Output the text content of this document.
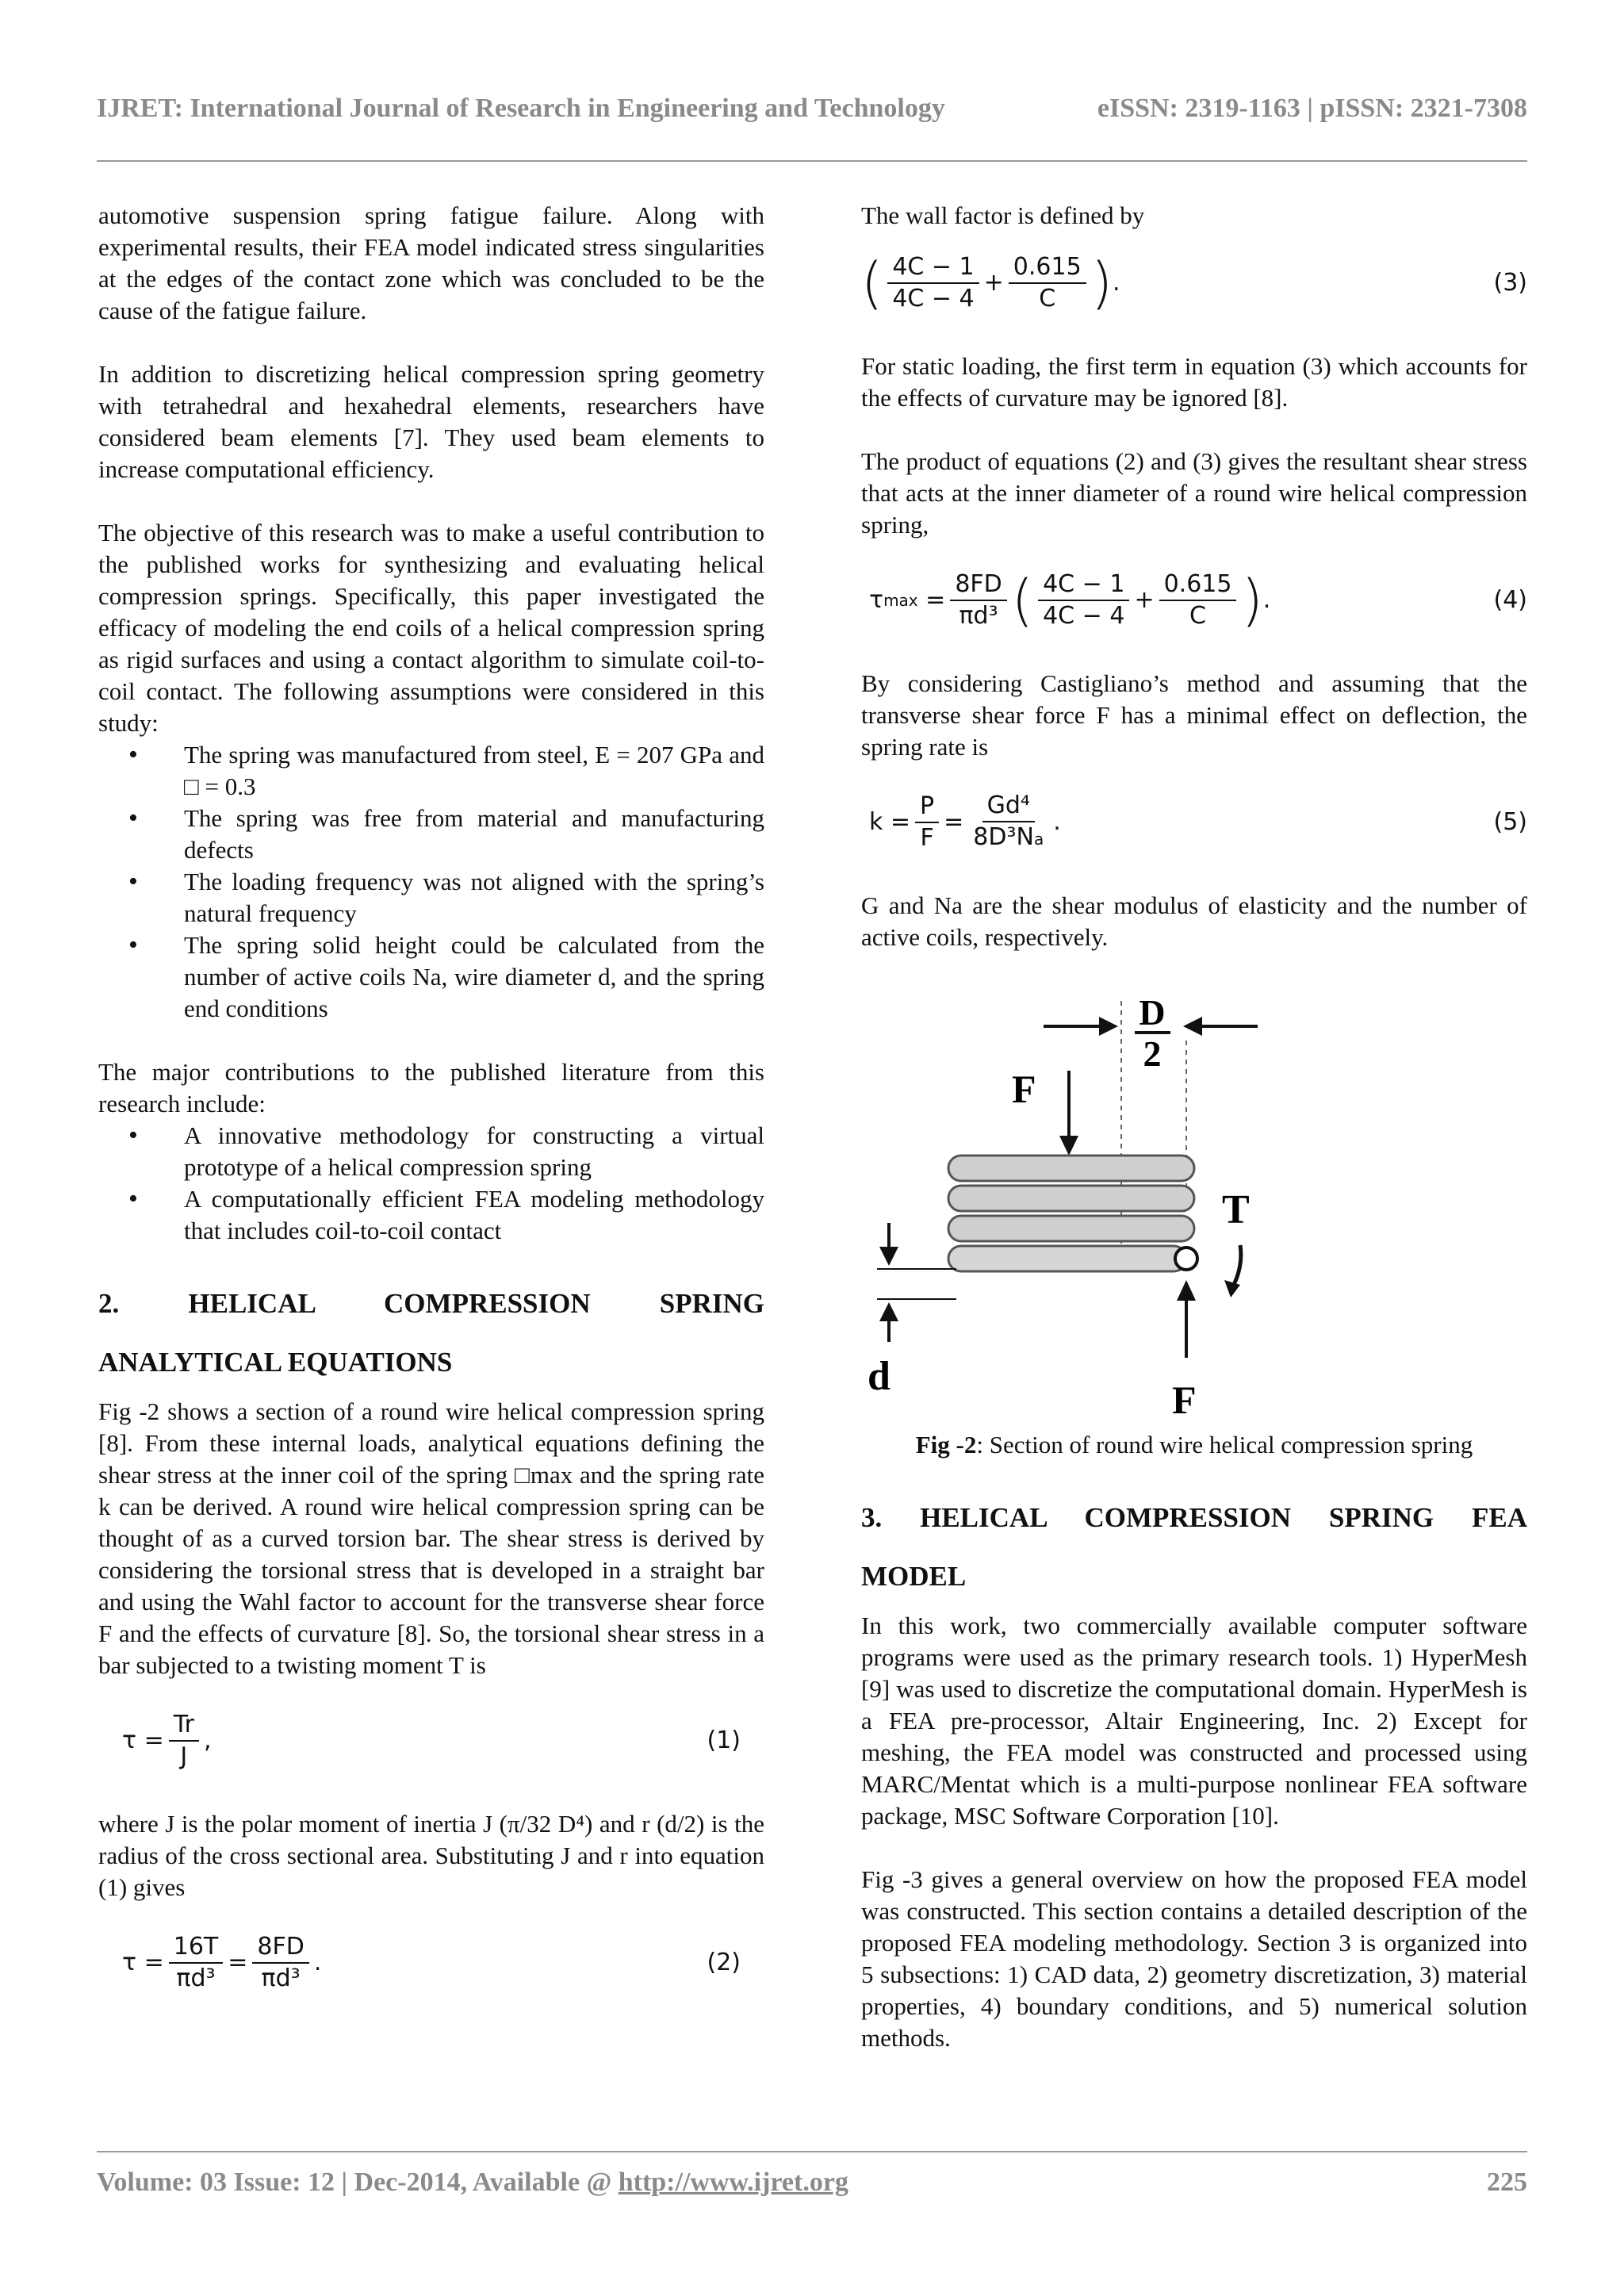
IJRET: International Journal of Research in Engineering and Technology	eISSN: 2319-1163 | pISSN: 2321-7308

automotive suspension spring fatigue failure. Along with experimental results, their FEA model indicated stress singularities at the edges of the contact zone which was concluded to be the cause of the fatigue failure.

In addition to discretizing helical compression spring geometry with tetrahedral and hexahedral elements, researchers have considered beam elements [7]. They used beam elements to increase computational efficiency.

The objective of this research was to make a useful contribution to the published works for synthesizing and evaluating helical compression springs. Specifically, this paper investigated the efficacy of modeling the end coils of a helical compression spring as rigid surfaces and using a contact algorithm to simulate coil-to-coil contact. The following assumptions were considered in this study:

• The spring was manufactured from steel, E = 207 GPa and □ = 0.3
• The spring was free from material and manufacturing defects
• The loading frequency was not aligned with the spring’s natural frequency
• The spring solid height could be calculated from the number of active coils Na, wire diameter d, and the spring end conditions

The major contributions to the published literature from this research include:

• A innovative methodology for constructing a virtual prototype of a helical compression spring
• A computationally efficient FEA modeling methodology that includes coil-to-coil contact
2. HELICAL COMPRESSION SPRING
ANALYTICAL EQUATIONS

Fig -2 shows a section of a round wire helical compression spring [8]. From these internal loads, analytical equations defining the shear stress at the inner coil of the spring □max and the spring rate k can be derived. A round wire helical compression spring can be thought of as a curved torsion bar. The shear stress is derived by considering the torsional stress that is developed in a straight bar and using the Wahl factor to account for the transverse shear force F and the effects of curvature [8]. So, the torsional shear stress in a bar subjected to a twisting moment T is

$\tau = \frac{Tr}{J}$ ,	(1)

where J is the polar moment of inertia J (π/32 D⁴) and r (d/2) is the radius of the cross sectional area. Substituting J and r into equation (1) gives

$\tau = \frac{16T}{\text{πd³}} = \frac{8FD}{\text{πd³}}$ .	(2)

The wall factor is defined by

( $\frac{4C - 1}{4C - 4} + \frac{0.615}{C}$ ) .	(3)

For static loading, the first term in equation (3) which accounts for the effects of curvature may be ignored [8].

The product of equations (2) and (3) gives the resultant shear stress that acts at the inner diameter of a round wire helical compression spring,

τ $\max = \frac{8FD}{\text{πd³}}$ ( $\frac{4C - 1}{4C - 4} + \frac{0.615}{C}$ ) .	(4)

By considering Castigliano’s method and assuming that the transverse shear force F has a minimal effect on deflection, the spring rate is

$k = \frac{P}{F} = \frac{\text{Gd⁴}}{\text{8D³Na}}$ .	(5)

G and Na are the shear modulus of elasticity and the number of active coils, respectively.

D
2
F
d
T
F

Fig -2: Section of round wire helical compression spring

3. HELICAL COMPRESSION SPRING FEA
MODEL

In this work, two commercially available computer software programs were used as the primary research tools. 1) HyperMesh [9] was used to discretize the computational domain. HyperMesh is a FEA pre-processor, Altair Engineering, Inc. 2) Except for meshing, the FEA model was constructed and processed using MARC/Mentat which is a multi-purpose nonlinear FEA software package, MSC Software Corporation [10].

Fig -3 gives a general overview on how the proposed FEA model was constructed. This section contains a detailed description of the proposed FEA modeling methodology. Section 3 is organized into 5 subsections: 1) CAD data, 2) geometry discretization, 3) material properties, 4) boundary conditions, and 5) numerical solution methods.

Volume: 03 Issue: 12 | Dec-2014, Available @ http://www.ijret.org	225
